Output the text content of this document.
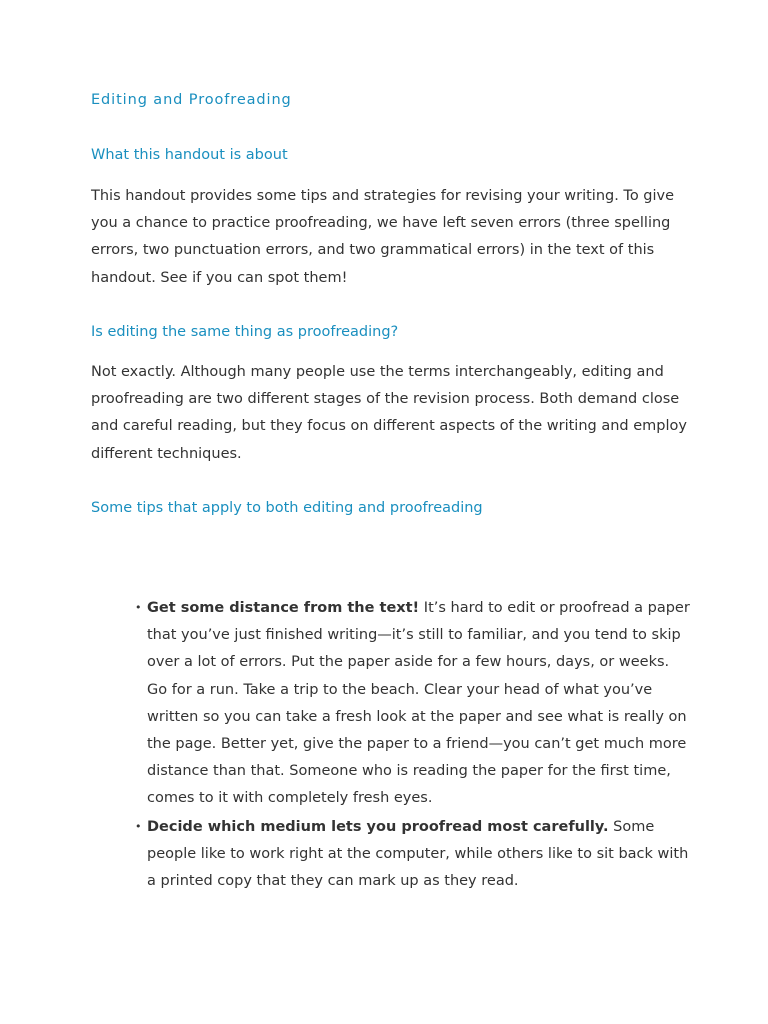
Editing and Proofreading
What this handout is about

This handout provides some tips and strategies for revising your writing. To give you a chance to practice proofreading, we have left seven errors (three spelling errors, two punctuation errors, and two grammatical errors) in the text of this handout. See if you can spot them!

Is editing the same thing as proofreading?

Not exactly. Although many people use the terms interchangeably, editing and proofreading are two different stages of the revision process. Both demand close and careful reading, but they focus on different aspects of the writing and employ different techniques.

Some tips that apply to both editing and proofreading
• Get some distance from the text! It’s hard to edit or proofread a paper that you’ve just finished writing—it’s still to familiar, and you tend to skip over a lot of errors. Put the paper aside for a few hours, days, or weeks. Go for a run. Take a trip to the beach. Clear your head of what you’ve written so you can take a fresh look at the paper and see what is really on the page. Better yet, give the paper to a friend—you can’t get much more distance than that. Someone who is reading the paper for the first time, comes to it with completely fresh eyes.
• Decide which medium lets you proofread most carefully. Some people like to work right at the computer, while others like to sit back with a printed copy that they can mark up as they read.
